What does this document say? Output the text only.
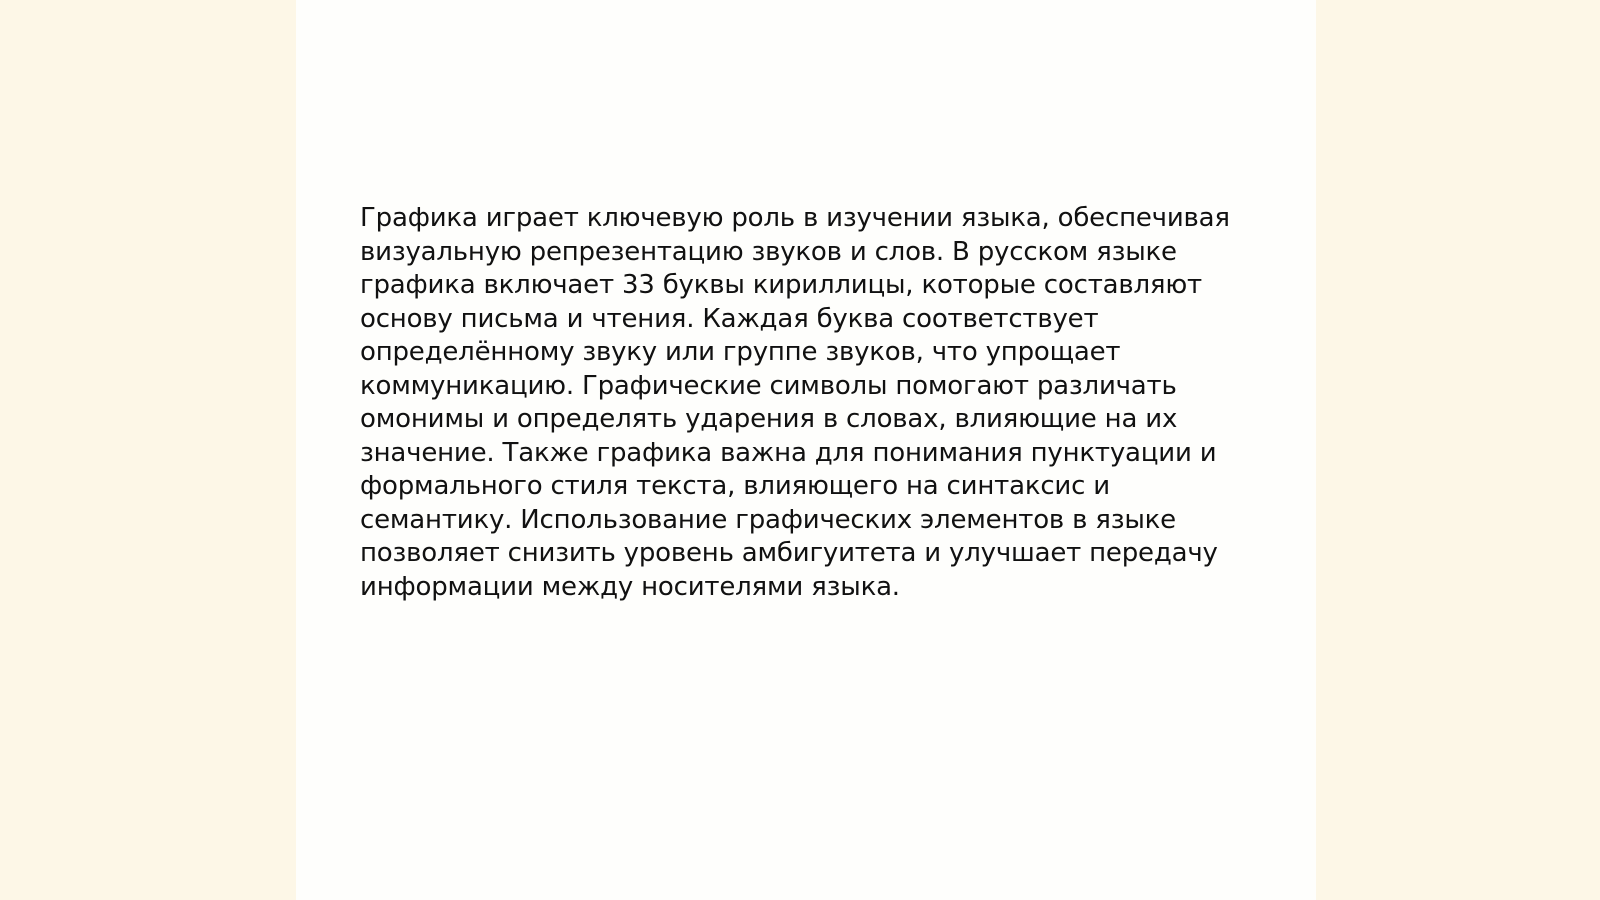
Графика играет ключевую роль в изучении языка, обеспечивая
визуальную репрезентацию звуков и слов. В русском языке
графика включает 33 буквы кириллицы, которые составляют
основу письма и чтения. Каждая буква соответствует
определённому звуку или группе звуков, что упрощает
коммуникацию. Графические символы помогают различать
омонимы и определять ударения в словах, влияющие на их
значение. Также графика важна для понимания пунктуации и
формального стиля текста, влияющего на синтаксис и
семантику. Использование графических элементов в языке
позволяет снизить уровень амбигуитета и улучшает передачу
информации между носителями языка.
